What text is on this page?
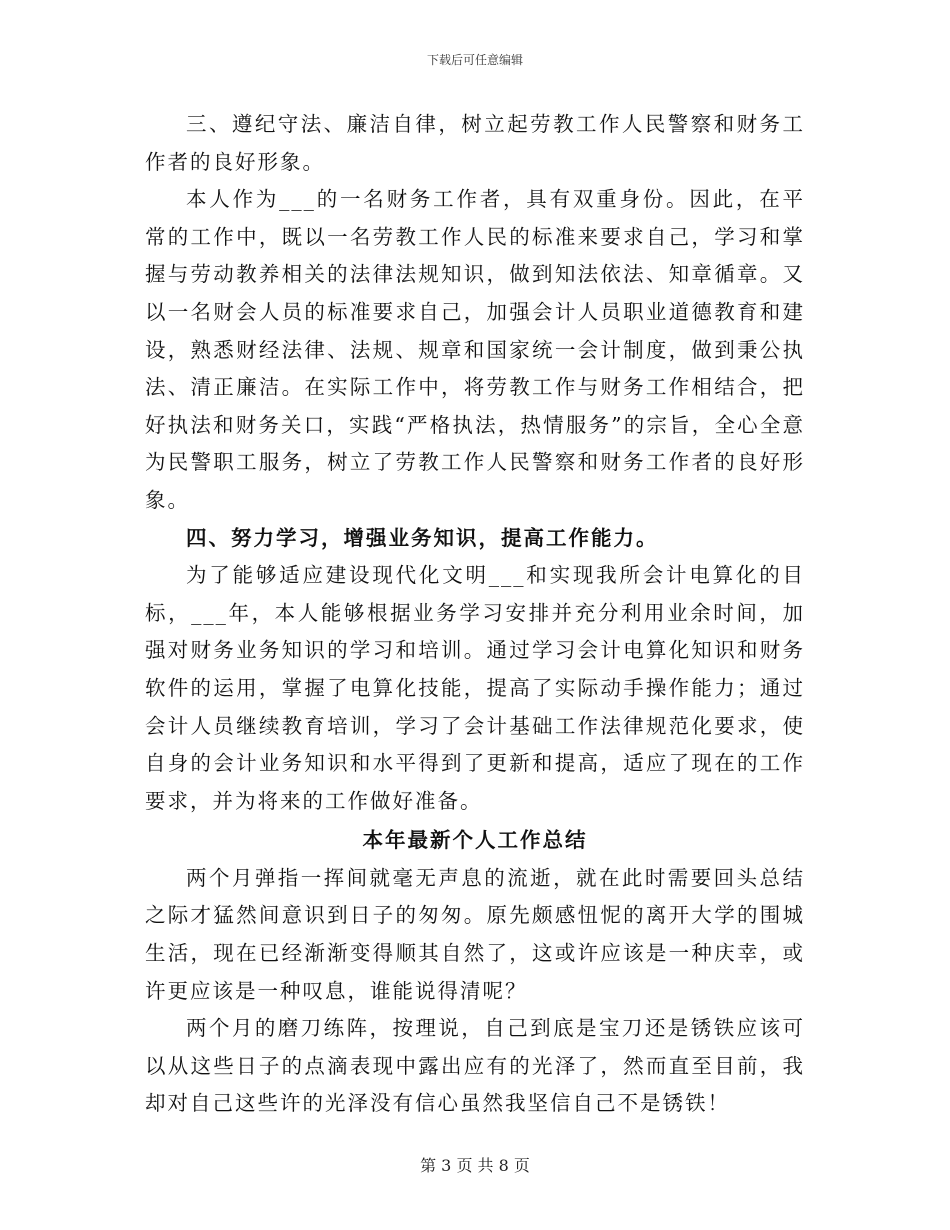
下载后可任意编辑

三、遵纪守法、廉洁自律，树立起劳教工作人民警察和财务工作者的良好形象。

本人作为___的一名财务工作者，具有双重身份。因此，在平常的工作中，既以一名劳教工作人民的标准来要求自己，学习和掌握与劳动教养相关的法律法规知识，做到知法依法、知章循章。又以一名财会人员的标准要求自己，加强会计人员职业道德教育和建设，熟悉财经法律、法规、规章和国家统一会计制度，做到秉公执法、清正廉洁。在实际工作中，将劳教工作与财务工作相结合，把好执法和财务关口，实践“严格执法，热情服务”的宗旨，全心全意为民警职工服务，树立了劳教工作人民警察和财务工作者的良好形象。

四、努力学习，增强业务知识，提高工作能力。

为了能够适应建设现代化文明___和实现我所会计电算化的目标，___年，本人能够根据业务学习安排并充分利用业余时间，加强对财务业务知识的学习和培训。通过学习会计电算化知识和财务软件的运用，掌握了电算化技能，提高了实际动手操作能力；通过会计人员继续教育培训，学习了会计基础工作法律规范化要求，使自身的会计业务知识和水平得到了更新和提高，适应了现在的工作要求，并为将来的工作做好准备。

本年最新个人工作总结

两个月弹指一挥间就毫无声息的流逝，就在此时需要回头总结之际才猛然间意识到日子的匆匆。原先颇感忸怩的离开大学的围城生活，现在已经渐渐变得顺其自然了，这或许应该是一种庆幸，或许更应该是一种叹息，谁能说得清呢？

两个月的磨刀练阵，按理说，自己到底是宝刀还是锈铁应该可以从这些日子的点滴表现中露出应有的光泽了，然而直至目前，我却对自己这些许的光泽没有信心虽然我坚信自己不是锈铁！

第 3 页 共 8 页
